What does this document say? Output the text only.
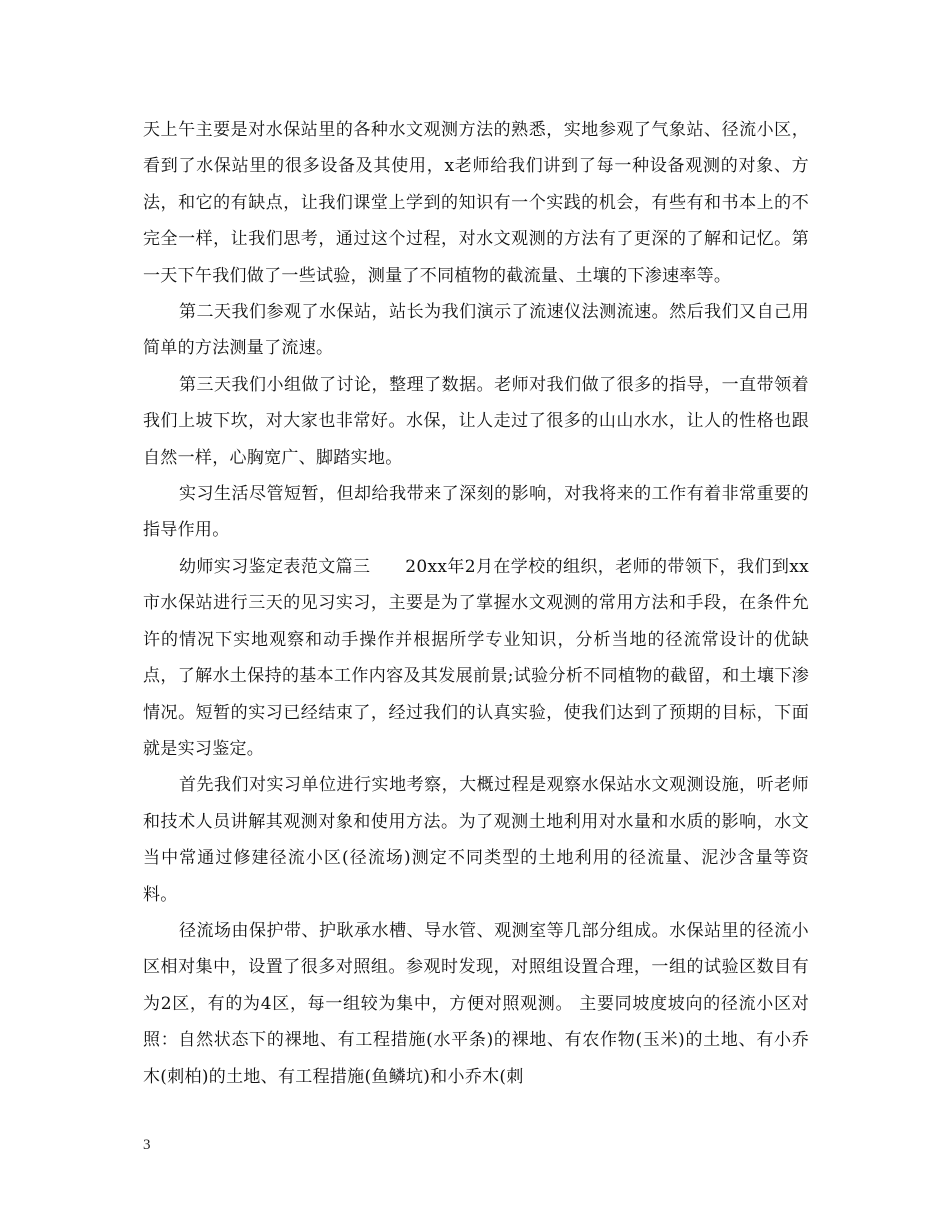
天上午主要是对水保站里的各种水文观测方法的熟悉，实地参观了气象站、径流小区，看到了水保站里的很多设备及其使用，x老师给我们讲到了每一种设备观测的对象、方法，和它的有缺点，让我们课堂上学到的知识有一个实践的机会，有些有和书本上的不完全一样，让我们思考，通过这个过程，对水文观测的方法有了更深的了解和记忆。第一天下午我们做了一些试验，测量了不同植物的截流量、土壤的下渗速率等。

第二天我们参观了水保站，站长为我们演示了流速仪法测流速。然后我们又自己用简单的方法测量了流速。

第三天我们小组做了讨论，整理了数据。老师对我们做了很多的指导，一直带领着我们上坡下坎，对大家也非常好。水保，让人走过了很多的山山水水，让人的性格也跟自然一样，心胸宽广、脚踏实地。

实习生活尽管短暂，但却给我带来了深刻的影响，对我将来的工作有着非常重要的指导作用。

幼师实习鉴定表范文篇三　　20xx年2月在学校的组织，老师的带领下，我们到xx市水保站进行三天的见习实习，主要是为了掌握水文观测的常用方法和手段，在条件允许的情况下实地观察和动手操作并根据所学专业知识，分析当地的径流常设计的优缺点，了解水土保持的基本工作内容及其发展前景;试验分析不同植物的截留，和土壤下渗情况。短暂的实习已经结束了，经过我们的认真实验，使我们达到了预期的目标，下面就是实习鉴定。

首先我们对实习单位进行实地考察，大概过程是观察水保站水文观测设施，听老师和技术人员讲解其观测对象和使用方法。为了观测土地利用对水量和水质的影响，水文当中常通过修建径流小区(径流场)测定不同类型的土地利用的径流量、泥沙含量等资料。

径流场由保护带、护耿承水槽、导水管、观测室等几部分组成。水保站里的径流小区相对集中，设置了很多对照组。参观时发现，对照组设置合理，一组的试验区数目有为2区，有的为4区，每一组较为集中，方便对照观测。 主要同坡度坡向的径流小区对照：自然状态下的裸地、有工程措施(水平条)的裸地、有农作物(玉米)的土地、有小乔木(刺柏)的土地、有工程措施(鱼鳞坑)和小乔木(刺

3
